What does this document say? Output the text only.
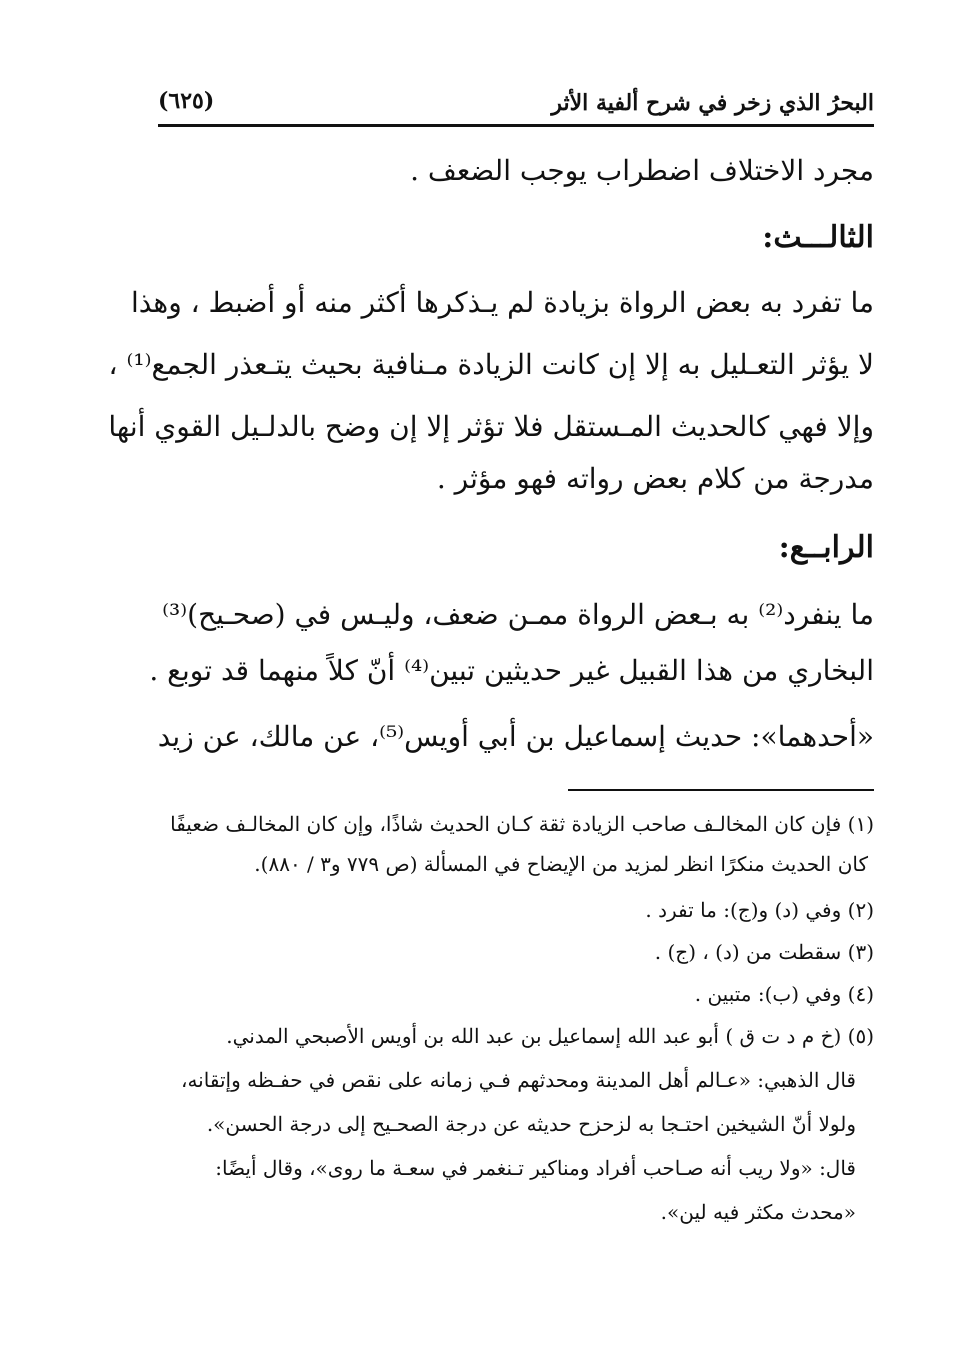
البحرُ الذي زخر في شرح ألفية الأثر
(٦٢٥)
مجرد الاختلاف اضطراب يوجب الضعف .
الثالـــث:
ما تفرد به بعض الرواة بزيادة لم يـذكرها أكثر منه أو أضبط ، وهذا
لا يؤثر التعـليل به إلا إن كانت الزيادة مـنافية بحيث يتـعذر الجمع⁽¹⁾ ،
وإلا فهي كالحديث المـستقل فلا تؤثر إلا إن وضح بالدلـيل القوي أنها
مدرجة من كلام بعض رواته فهو مؤثر .
الرابــع:
ما ينفرد⁽²⁾ به بـعض الرواة ممـن ضعف، وليـس في (صحـيح)⁽³⁾
البخاري من هذا القبيل غير حديثين تبين⁽⁴⁾ أنّ كلاً منهما قد توبع .
«أحدهما»: حديث إسماعيل بن أبي أويس⁽⁵⁾، عن مالك، عن زيد
(١) فإن كان المخالـف صاحب الزيادة ثقة كـان الحديث شاذًا، وإن كان المخالـف ضعيفًا
كان الحديث منكرًا انظر لمزيد من الإيضاح في المسألة (ص ٧٧٩ و٣ / ٨٨٠).
(٢) وفي (د) و(ج): ما تفرد .
(٣) سقطت من (د) ، (ج) .
(٤) وفي (ب): متبين .
(٥) (خ م د ت ق ) أبو عبد الله إسماعيل بن عبد الله بن أويس الأصبحي المدني.
قال الذهبي: «عـالم أهل المدينة ومحدثهم فـي زمانه على نقص في حفـظه وإتقانه،
ولولا أنّ الشيخين احتـجا به لزحزح حديثه عن درجة الصحـيح إلى درجة الحسن».
قال: «ولا ريب أنه صـاحب أفراد ومناكير تـنغمر في سعـة ما روى»، وقال أيضًا:
«محدث مكثر فيه لين».
